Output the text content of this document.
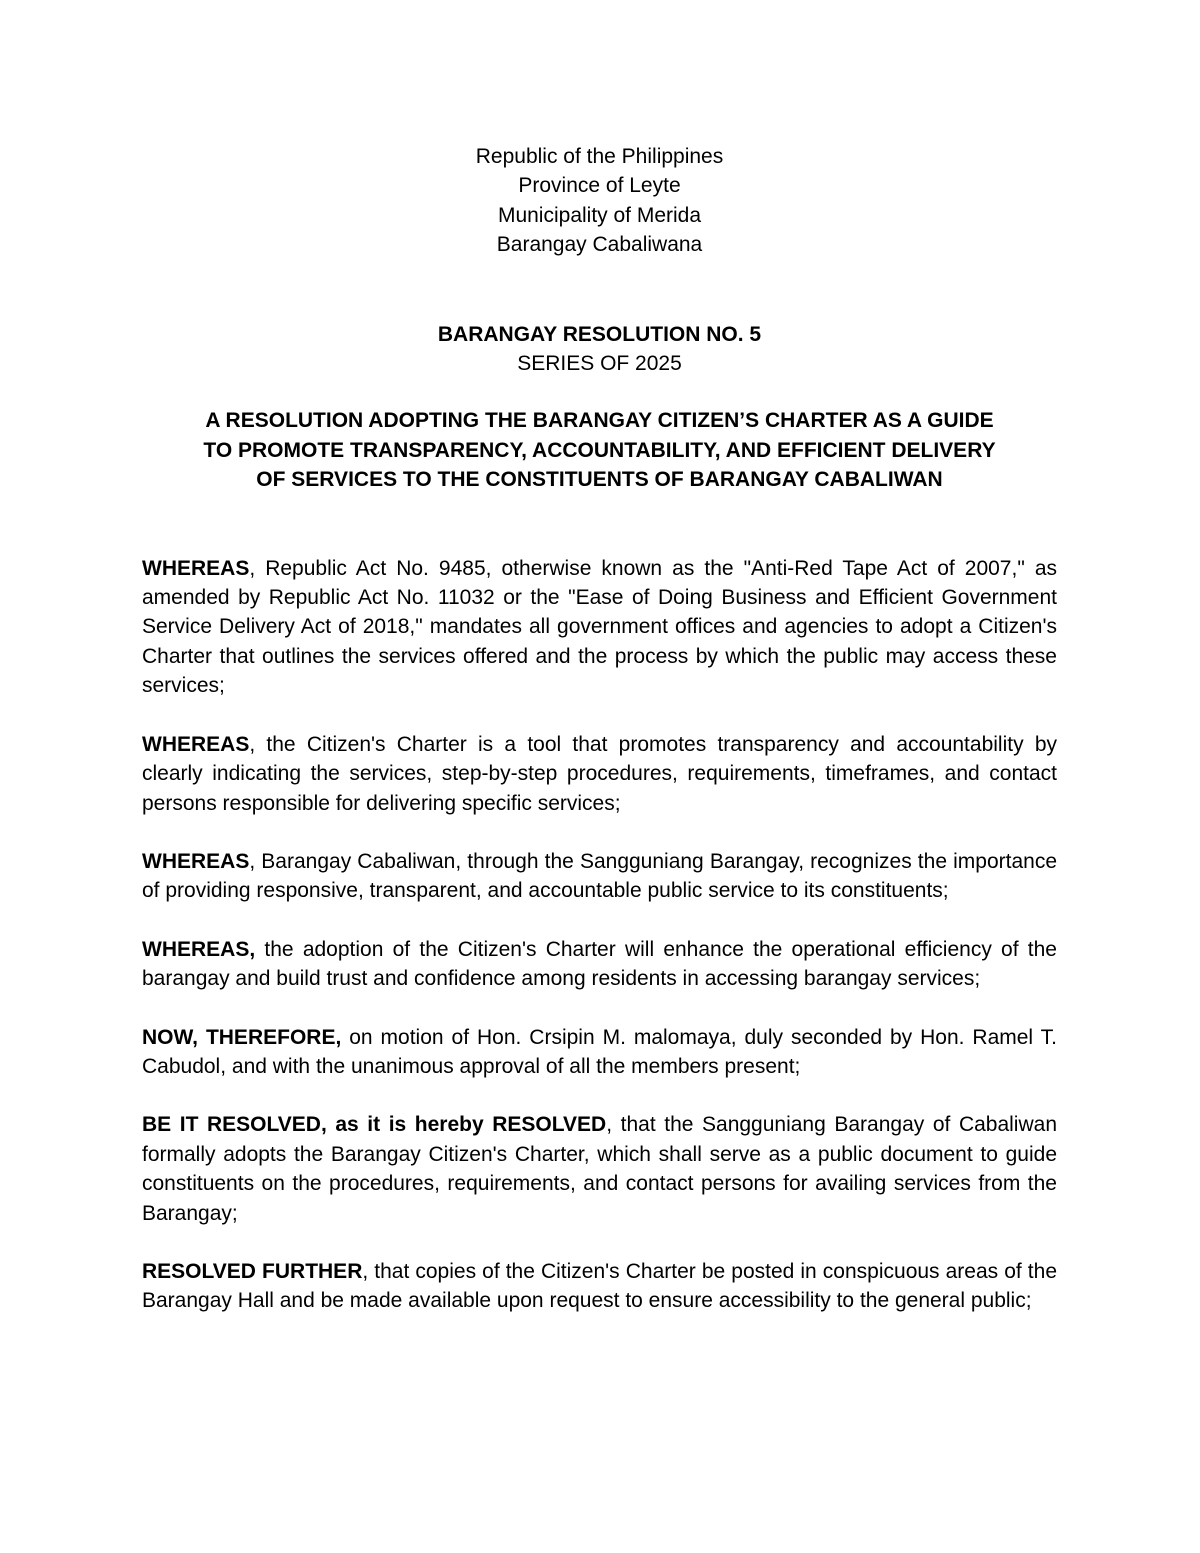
Republic of the Philippines
Province of Leyte
Municipality of Merida
Barangay Cabaliwana
BARANGAY RESOLUTION NO. 5
SERIES OF 2025
A RESOLUTION ADOPTING THE BARANGAY CITIZEN’S CHARTER AS A GUIDE
TO PROMOTE TRANSPARENCY, ACCOUNTABILITY, AND EFFICIENT DELIVERY
OF SERVICES TO THE CONSTITUENTS OF BARANGAY CABALIWAN

WHEREAS, Republic Act No. 9485, otherwise known as the "Anti-Red Tape Act of 2007," as amended by Republic Act No. 11032 or the "Ease of Doing Business and Efficient Government Service Delivery Act of 2018," mandates all government offices and agencies to adopt a Citizen's Charter that outlines the services offered and the process by which the public may access these services;

WHEREAS, the Citizen's Charter is a tool that promotes transparency and accountability by clearly indicating the services, step-by-step procedures, requirements, timeframes, and contact persons responsible for delivering specific services;

WHEREAS, Barangay Cabaliwan, through the Sangguniang Barangay, recognizes the importance of providing responsive, transparent, and accountable public service to its constituents;

WHEREAS, the adoption of the Citizen's Charter will enhance the operational efficiency of the barangay and build trust and confidence among residents in accessing barangay services;

NOW, THEREFORE, on motion of Hon. Crsipin M. malomaya, duly seconded by Hon. Ramel T. Cabudol, and with the unanimous approval of all the members present;

BE IT RESOLVED, as it is hereby RESOLVED, that the Sangguniang Barangay of Cabaliwan formally adopts the Barangay Citizen's Charter, which shall serve as a public document to guide constituents on the procedures, requirements, and contact persons for availing services from the Barangay;

RESOLVED FURTHER, that copies of the Citizen's Charter be posted in conspicuous areas of the Barangay Hall and be made available upon request to ensure accessibility to the general public;
